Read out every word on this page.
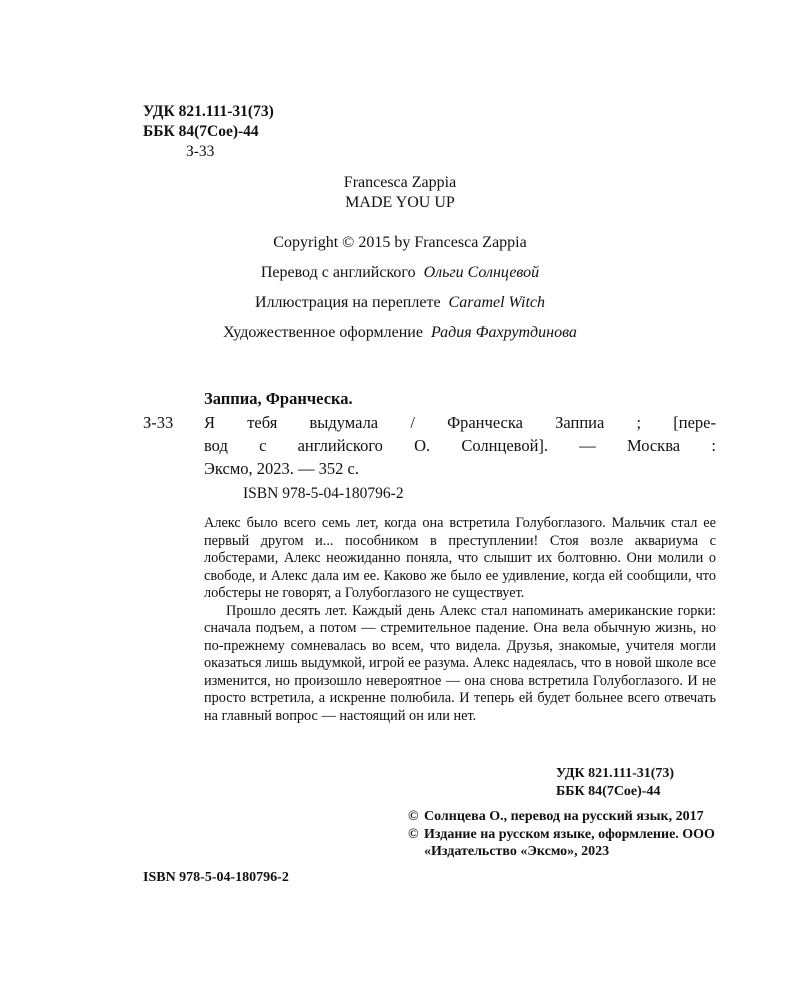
УДК 821.111-31(73)
ББК 84(7Сое)-44
З-33
Francesca Zappia
MADE YOU UP
Copyright © 2015 by Francesca Zappia
Перевод с английского Ольги Солнцевой
Иллюстрация на переплете Caramel Witch
Художественное оформление Радия Фахрутдинова
Заппиа, Франческа.
З-33 Я тебя выдумала / Франческа Заппиа ; [пере-
вод с английского О. Солнцевой]. — Москва :
Эксмо, 2023. — 352 с.
ISBN 978-5-04-180796-2

Алекс было всего семь лет, когда она встретила Голубоглазого. Мальчик стал ее первый другом и... пособником в преступлении! Стоя возле аквариума с лобстерами, Алекс неожиданно поняла, что слышит их болтовню. Они молили о свободе, и Алекс дала им ее. Каково же было ее удивление, когда ей сообщили, что лобстеры не говорят, а Голубоглазого не существует.

Прошло десять лет. Каждый день Алекс стал напоминать американские горки: сначала подъем, а потом — стремительное падение. Она вела обычную жизнь, но по-прежнему сомневалась во всем, что видела. Друзья, знакомые, учителя могли оказаться лишь выдумкой, игрой ее разума. Алекс надеялась, что в новой школе все изменится, но произошло невероятное — она снова встретила Голубоглазого. И не просто встретила, а искренне полюбила. И теперь ей будет больнее всего отвечать на главный вопрос — настоящий он или нет.

УДК 821.111-31(73)
ББК 84(7Сое)-44
ISBN 978-5-04-180796-2
© Солнцева О., перевод на русский язык, 2017
© Издание на русском языке, оформление. ООО «Издательство «Эксмо», 2023
